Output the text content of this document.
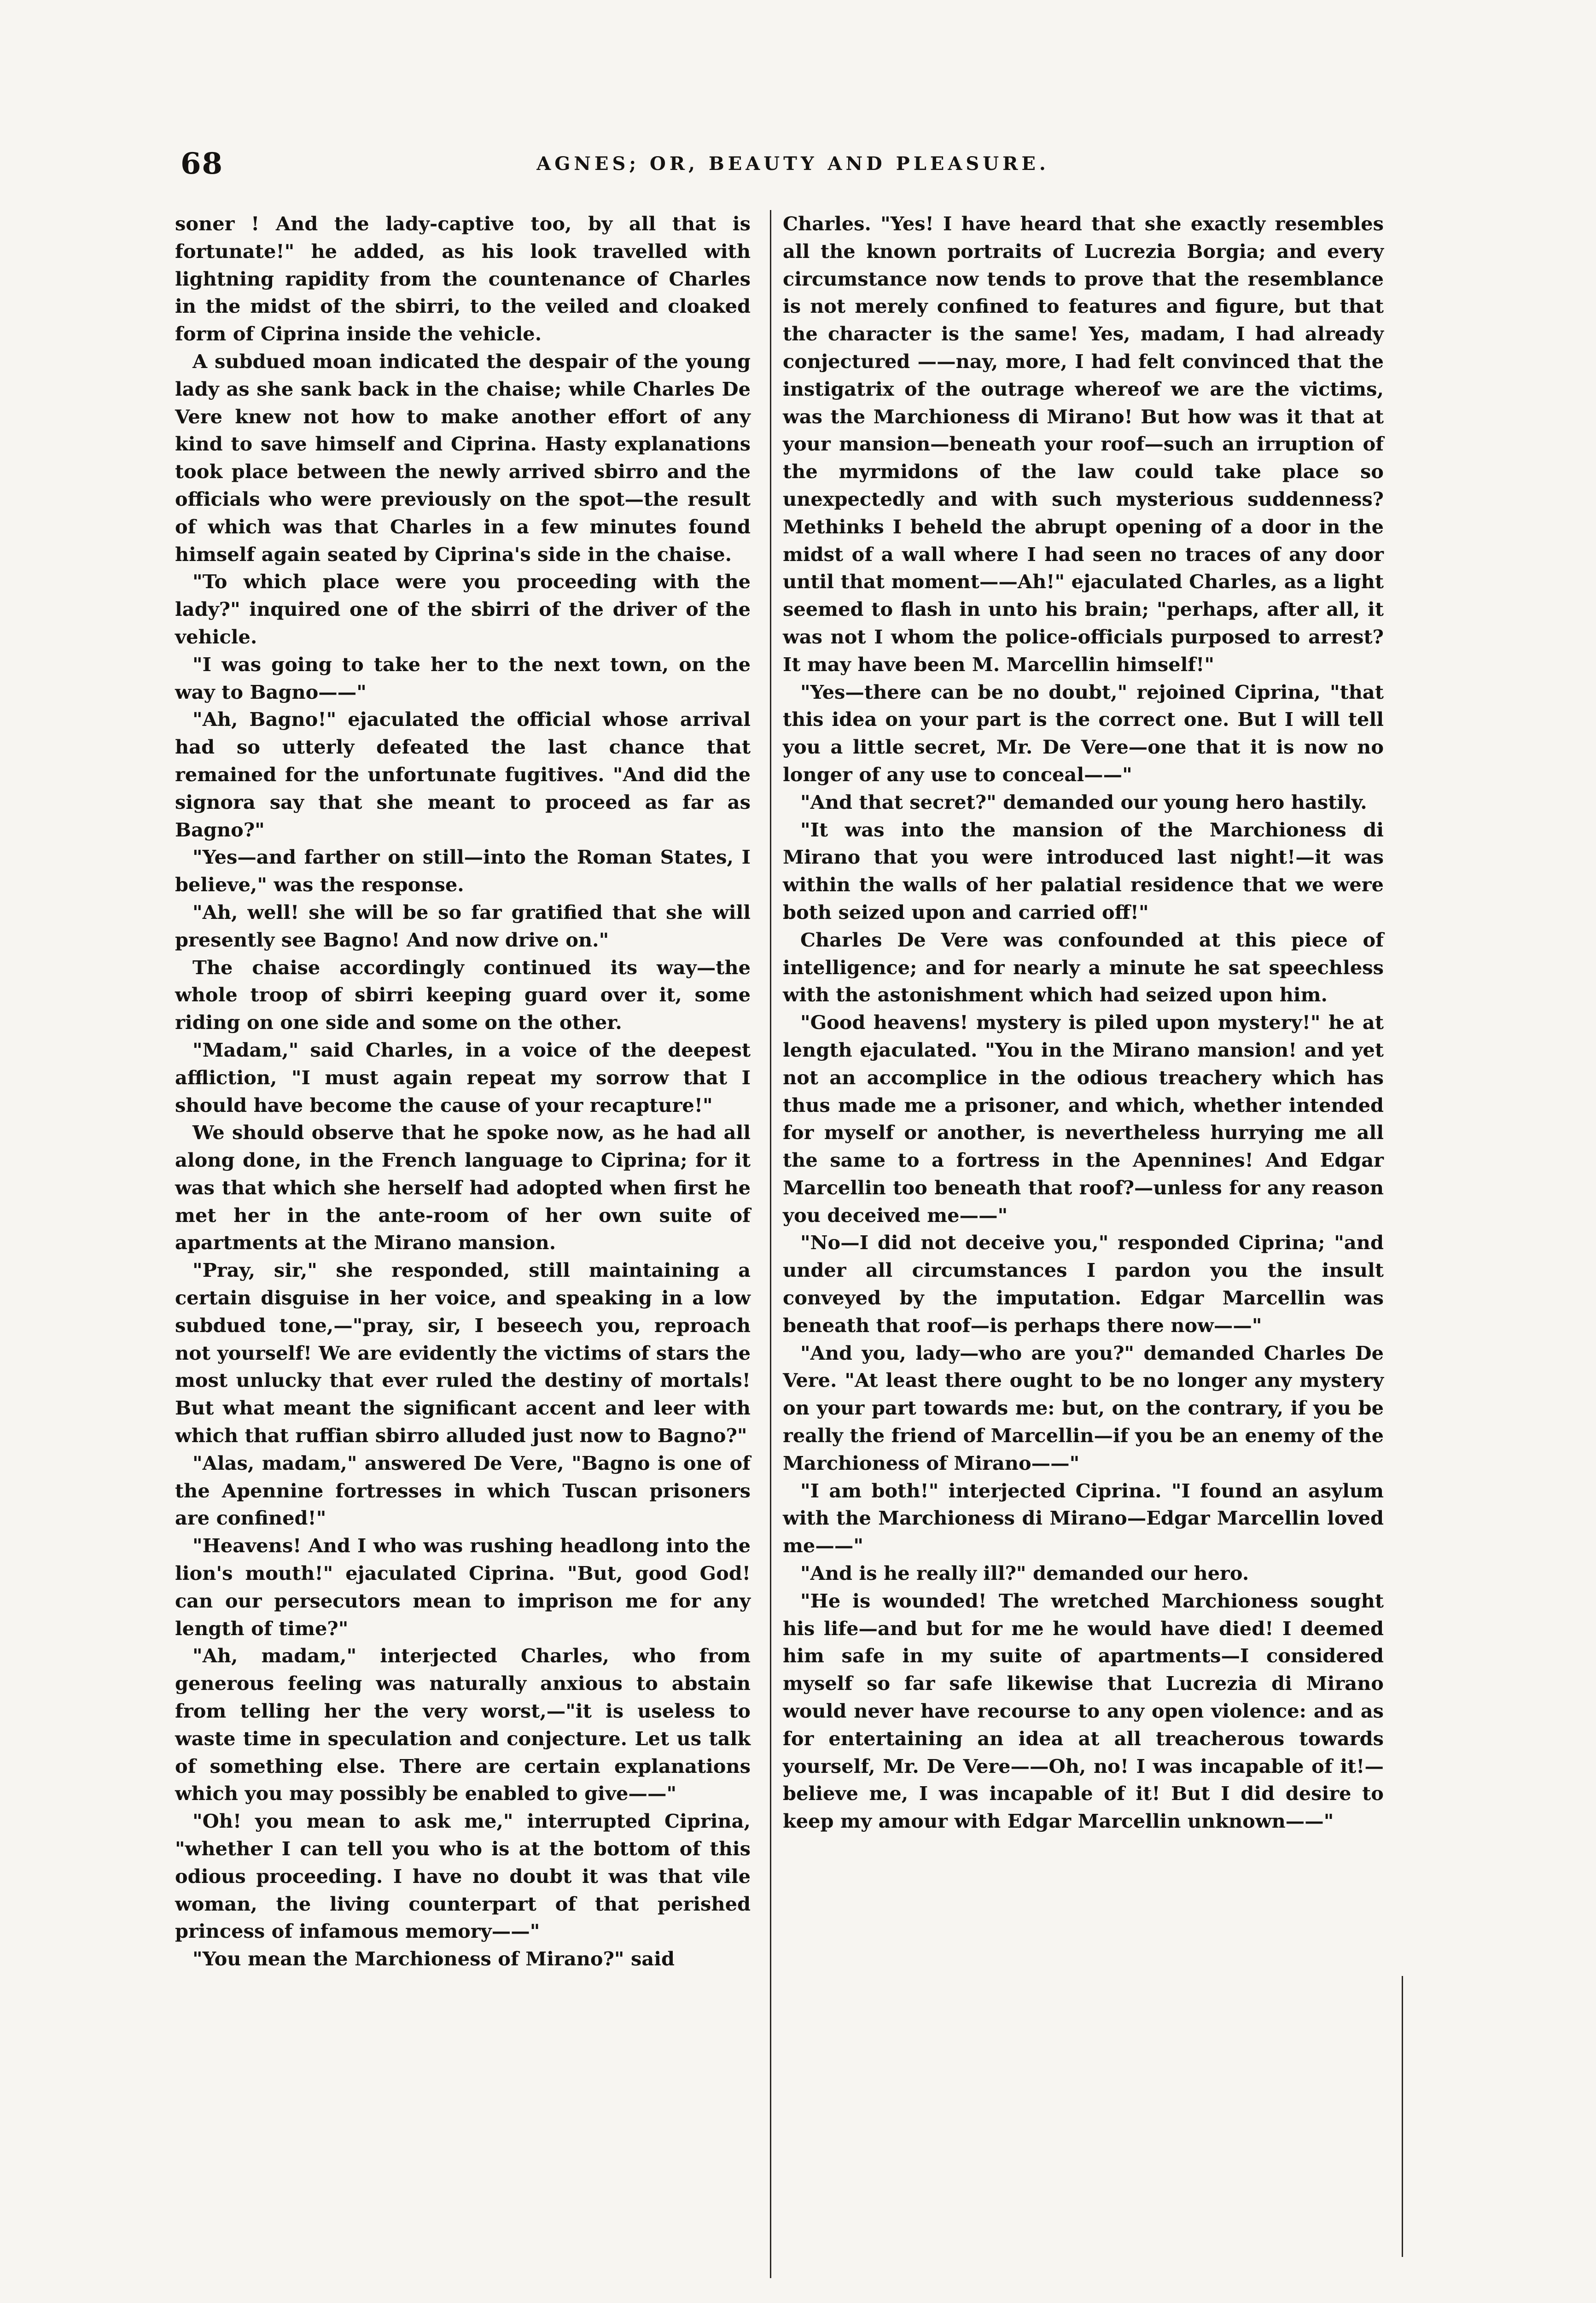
68	AGNES; OR, BEAUTY AND PLEASURE.

soner ! And the lady-captive too, by all that is fortunate!" he added, as his look travelled with lightning rapidity from the countenance of Charles in the midst of the sbirri, to the veiled and cloaked form of Ciprina inside the vehicle.

A subdued moan indicated the despair of the young lady as she sank back in the chaise; while Charles De Vere knew not how to make another effort of any kind to save himself and Ciprina. Hasty explanations took place between the newly arrived sbirro and the officials who were previously on the spot—the result of which was that Charles in a few minutes found himself again seated by Ciprina's side in the chaise.

"To which place were you proceeding with the lady?" inquired one of the sbirri of the driver of the vehicle.

"I was going to take her to the next town, on the way to Bagno——"

"Ah, Bagno!" ejaculated the official whose arrival had so utterly defeated the last chance that remained for the unfortunate fugitives. "And did the signora say that she meant to proceed as far as Bagno?"

"Yes—and farther on still—into the Roman States, I believe," was the response.

"Ah, well! she will be so far gratified that she will presently see Bagno! And now drive on."

The chaise accordingly continued its way—the whole troop of sbirri keeping guard over it, some riding on one side and some on the other.

"Madam," said Charles, in a voice of the deepest affliction, "I must again repeat my sorrow that I should have become the cause of your recapture!"

We should observe that he spoke now, as he had all along done, in the French language to Ciprina; for it was that which she herself had adopted when first he met her in the ante-room of her own suite of apartments at the Mirano mansion.

"Pray, sir," she responded, still maintaining a certain disguise in her voice, and speaking in a low subdued tone,—"pray, sir, I beseech you, reproach not yourself! We are evidently the victims of stars the most unlucky that ever ruled the destiny of mortals! But what meant the significant accent and leer with which that ruffian sbirro alluded just now to Bagno?"

"Alas, madam," answered De Vere, "Bagno is one of the Apennine fortresses in which Tuscan prisoners are confined!"

"Heavens! And I who was rushing headlong into the lion's mouth!" ejaculated Ciprina. "But, good God! can our persecutors mean to imprison me for any length of time?"

"Ah, madam," interjected Charles, who from generous feeling was naturally anxious to abstain from telling her the very worst,—"it is useless to waste time in speculation and conjecture. Let us talk of something else. There are certain explanations which you may possibly be enabled to give——"

"Oh! you mean to ask me," interrupted Ciprina, "whether I can tell you who is at the bottom of this odious proceeding. I have no doubt it was that vile woman, the living counterpart of that perished princess of infamous memory——"

"You mean the Marchioness of Mirano?" said

Charles. "Yes! I have heard that she exactly resembles all the known portraits of Lucrezia Borgia; and every circumstance now tends to prove that the resemblance is not merely confined to features and figure, but that the character is the same! Yes, madam, I had already conjectured ——nay, more, I had felt convinced that the instigatrix of the outrage whereof we are the victims, was the Marchioness di Mirano! But how was it that at your mansion—beneath your roof—such an irruption of the myrmidons of the law could take place so unexpectedly and with such mysterious suddenness? Methinks I beheld the abrupt opening of a door in the midst of a wall where I had seen no traces of any door until that moment——Ah!" ejaculated Charles, as a light seemed to flash in unto his brain; "perhaps, after all, it was not I whom the police-officials purposed to arrest? It may have been M. Marcellin himself!"

"Yes—there can be no doubt," rejoined Ciprina, "that this idea on your part is the correct one. But I will tell you a little secret, Mr. De Vere—one that it is now no longer of any use to conceal——"

"And that secret?" demanded our young hero hastily.

"It was into the mansion of the Marchioness di Mirano that you were introduced last night!—it was within the walls of her palatial residence that we were both seized upon and carried off!"

Charles De Vere was confounded at this piece of intelligence; and for nearly a minute he sat speechless with the astonishment which had seized upon him.

"Good heavens! mystery is piled upon mystery!" he at length ejaculated. "You in the Mirano mansion! and yet not an accomplice in the odious treachery which has thus made me a prisoner, and which, whether intended for myself or another, is nevertheless hurrying me all the same to a fortress in the Apennines! And Edgar Marcellin too beneath that roof?—unless for any reason you deceived me——"

"No—I did not deceive you," responded Ciprina; "and under all circumstances I pardon you the insult conveyed by the imputation. Edgar Marcellin was beneath that roof—is perhaps there now——"

"And you, lady—who are you?" demanded Charles De Vere. "At least there ought to be no longer any mystery on your part towards me: but, on the contrary, if you be really the friend of Marcellin—if you be an enemy of the Marchioness of Mirano——"

"I am both!" interjected Ciprina. "I found an asylum with the Marchioness di Mirano—Edgar Marcellin loved me——"

"And is he really ill?" demanded our hero.

"He is wounded! The wretched Marchioness sought his life—and but for me he would have died! I deemed him safe in my suite of apartments—I considered myself so far safe likewise that Lucrezia di Mirano would never have recourse to any open violence: and as for entertaining an idea at all treacherous towards yourself, Mr. De Vere——Oh, no! I was incapable of it!—believe me, I was incapable of it! But I did desire to keep my amour with Edgar Marcellin unknown——"
